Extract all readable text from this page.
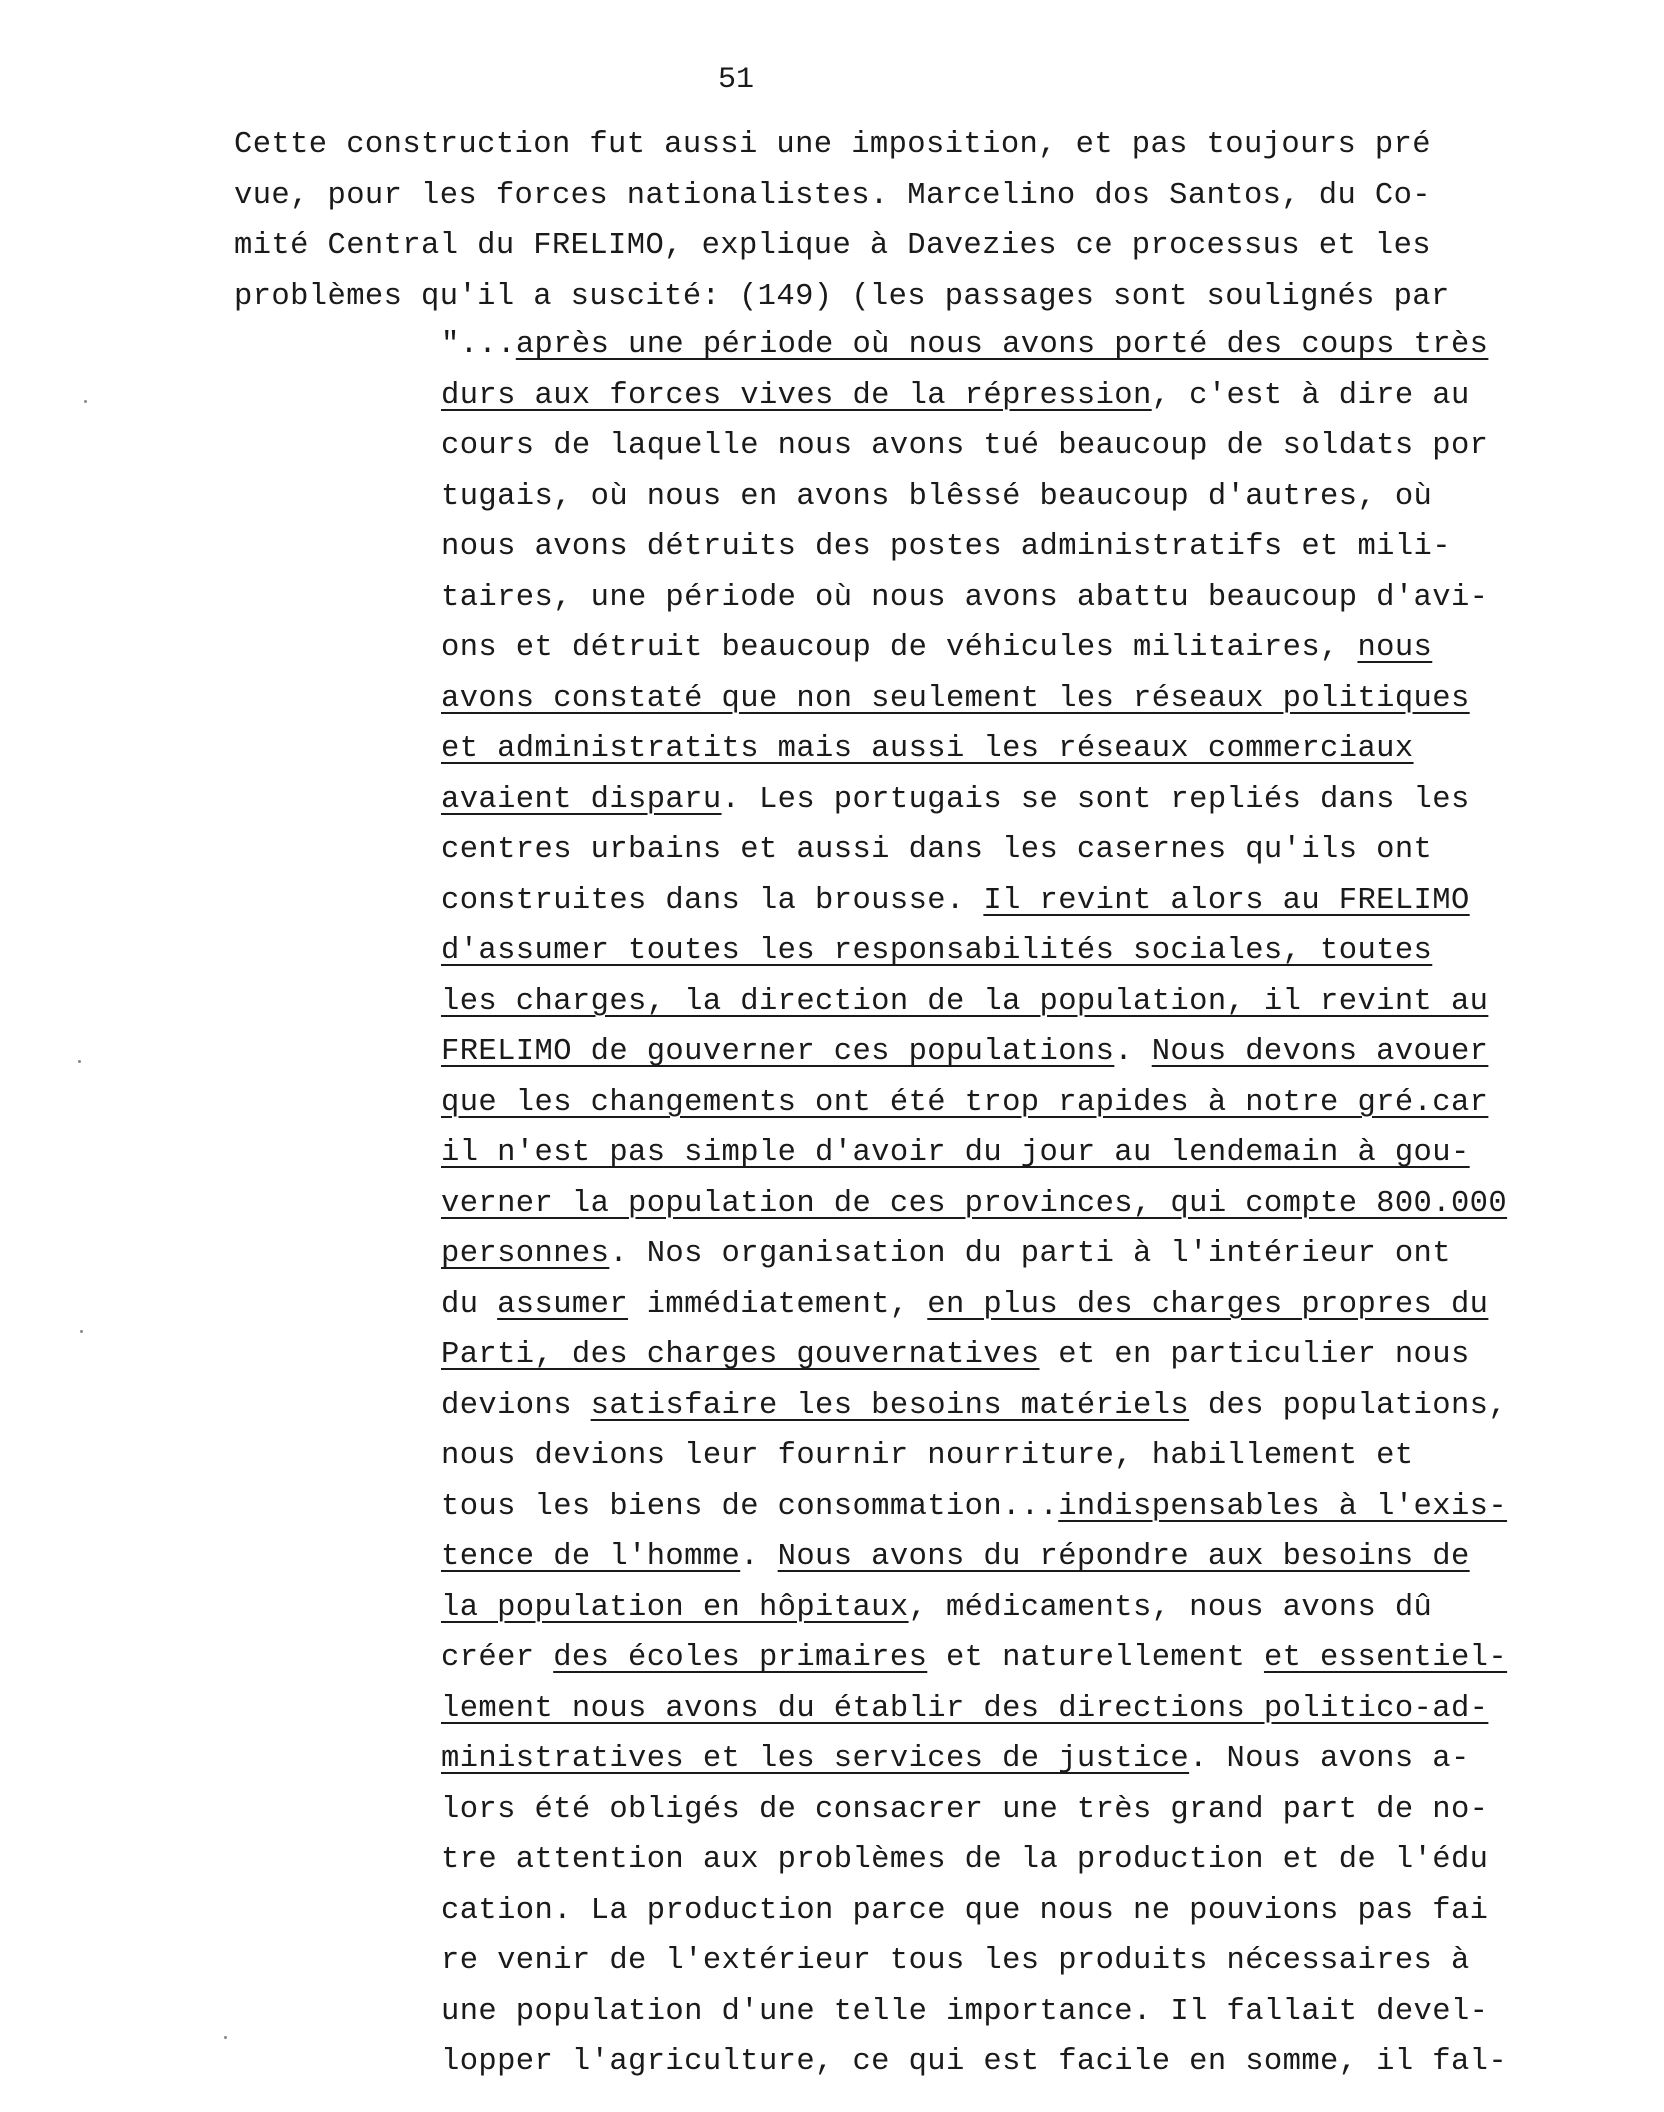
51
Cette construction fut aussi une imposition, et pas toujours pré
vue, pour les forces nationalistes. Marcelino dos Santos, du Co-
mité Central du FRELIMO, explique à Davezies ce processus et les
problèmes qu'il a suscité: (149) (les passages sont soulignés par
"...après une période où nous avons porté des coups très
durs aux forces vives de la répression, c'est à dire au
cours de laquelle nous avons tué beaucoup de soldats por
tugais, où nous en avons blêssé beaucoup d'autres, où
nous avons détruits des postes administratifs et mili-
taires, une période où nous avons abattu beaucoup d'avi-
ons et détruit beaucoup de véhicules militaires, nous
avons constaté que non seulement les réseaux politiques
et administratits mais aussi les réseaux commerciaux
avaient disparu. Les portugais se sont repliés dans les
centres urbains et aussi dans les casernes qu'ils ont
construites dans la brousse. Il revint alors au FRELIMO
d'assumer toutes les responsabilités sociales, toutes
les charges, la direction de la population, il revint au
FRELIMO de gouverner ces populations. Nous devons avouer
que les changements ont été trop rapides à notre gré.car
il n'est pas simple d'avoir du jour au lendemain à gou-
verner la population de ces provinces, qui compte 800.000
personnes. Nos organisation du parti à l'intérieur ont
du assumer immédiatement, en plus des charges propres du
Parti, des charges gouvernatives et en particulier nous
devions satisfaire les besoins matériels des populations,
nous devions leur fournir nourriture, habillement et
tous les biens de consommation...indispensables à l'exis-
tence de l'homme. Nous avons du répondre aux besoins de
la population en hôpitaux, médicaments, nous avons dû
créer des écoles primaires et naturellement et essentiel-
lement nous avons du établir des directions politico-ad-
ministratives et les services de justice. Nous avons a-
lors été obligés de consacrer une très grand part de no-
tre attention aux problèmes de la production et de l'édu
cation. La production parce que nous ne pouvions pas fai
re venir de l'extérieur tous les produits nécessaires à
une population d'une telle importance. Il fallait devel-
lopper l'agriculture, ce qui est facile en somme, il fal-
